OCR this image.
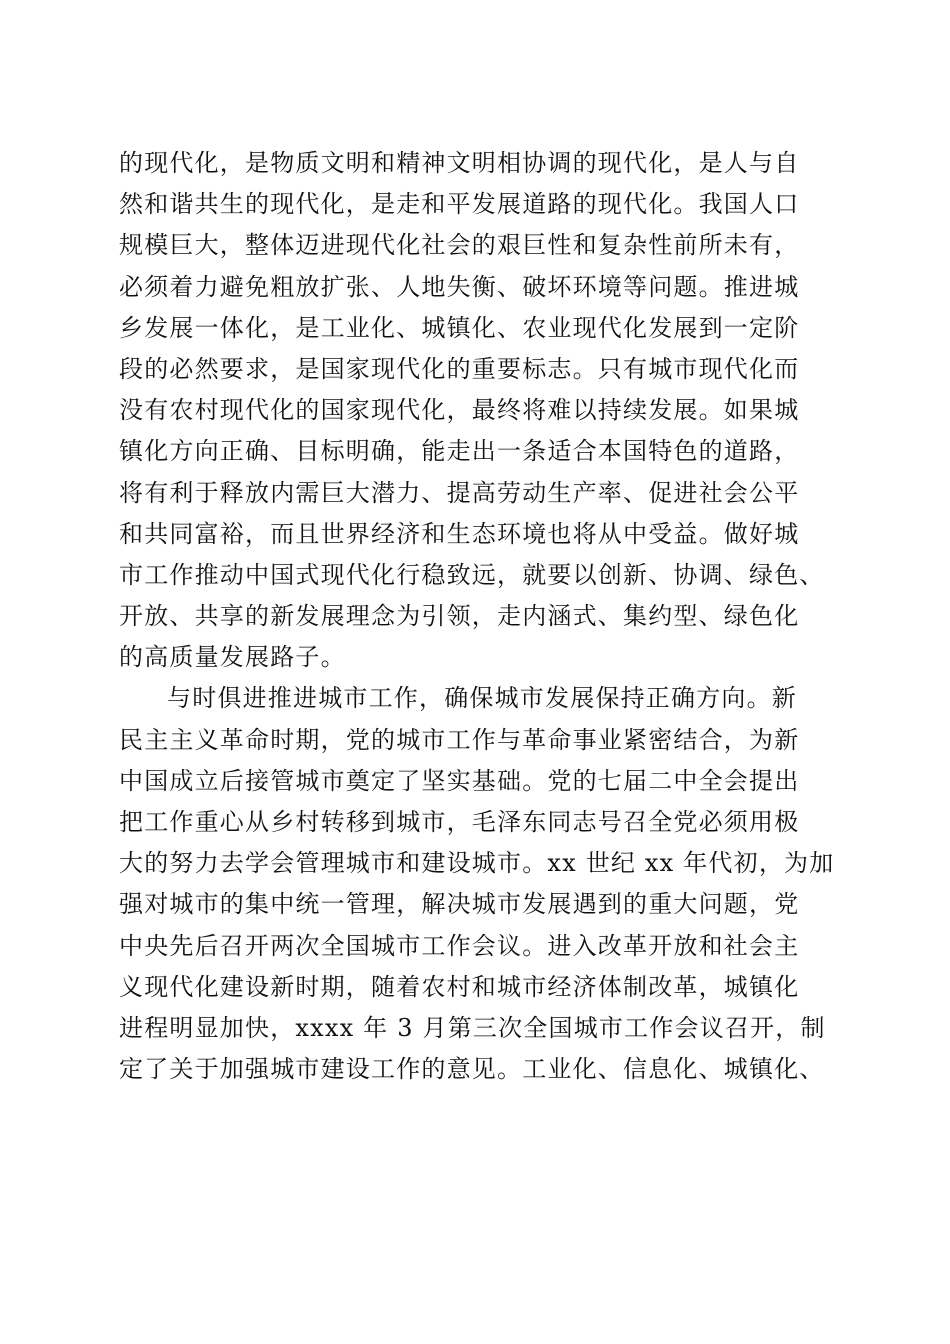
的现代化，是物质文明和精神文明相协调的现代化，是人与自
然和谐共生的现代化，是走和平发展道路的现代化。我国人口
规模巨大，整体迈进现代化社会的艰巨性和复杂性前所未有，
必须着力避免粗放扩张、人地失衡、破坏环境等问题。推进城
乡发展一体化，是工业化、城镇化、农业现代化发展到一定阶
段的必然要求，是国家现代化的重要标志。只有城市现代化而
没有农村现代化的国家现代化，最终将难以持续发展。如果城
镇化方向正确、目标明确，能走出一条适合本国特色的道路，
将有利于释放内需巨大潜力、提高劳动生产率、促进社会公平
和共同富裕，而且世界经济和生态环境也将从中受益。做好城
市工作推动中国式现代化行稳致远，就要以创新、协调、绿色、
开放、共享的新发展理念为引领，走内涵式、集约型、绿色化
的高质量发展路子。
与时俱进推进城市工作，确保城市发展保持正确方向。新
民主主义革命时期，党的城市工作与革命事业紧密结合，为新
中国成立后接管城市奠定了坚实基础。党的七届二中全会提出
把工作重心从乡村转移到城市，毛泽东同志号召全党必须用极
大的努力去学会管理城市和建设城市。xx 世纪 xx 年代初，为加
强对城市的集中统一管理，解决城市发展遇到的重大问题，党
中央先后召开两次全国城市工作会议。进入改革开放和社会主
义现代化建设新时期，随着农村和城市经济体制改革，城镇化
进程明显加快，xxxx 年 3 月第三次全国城市工作会议召开，制
定了关于加强城市建设工作的意见。工业化、信息化、城镇化、
